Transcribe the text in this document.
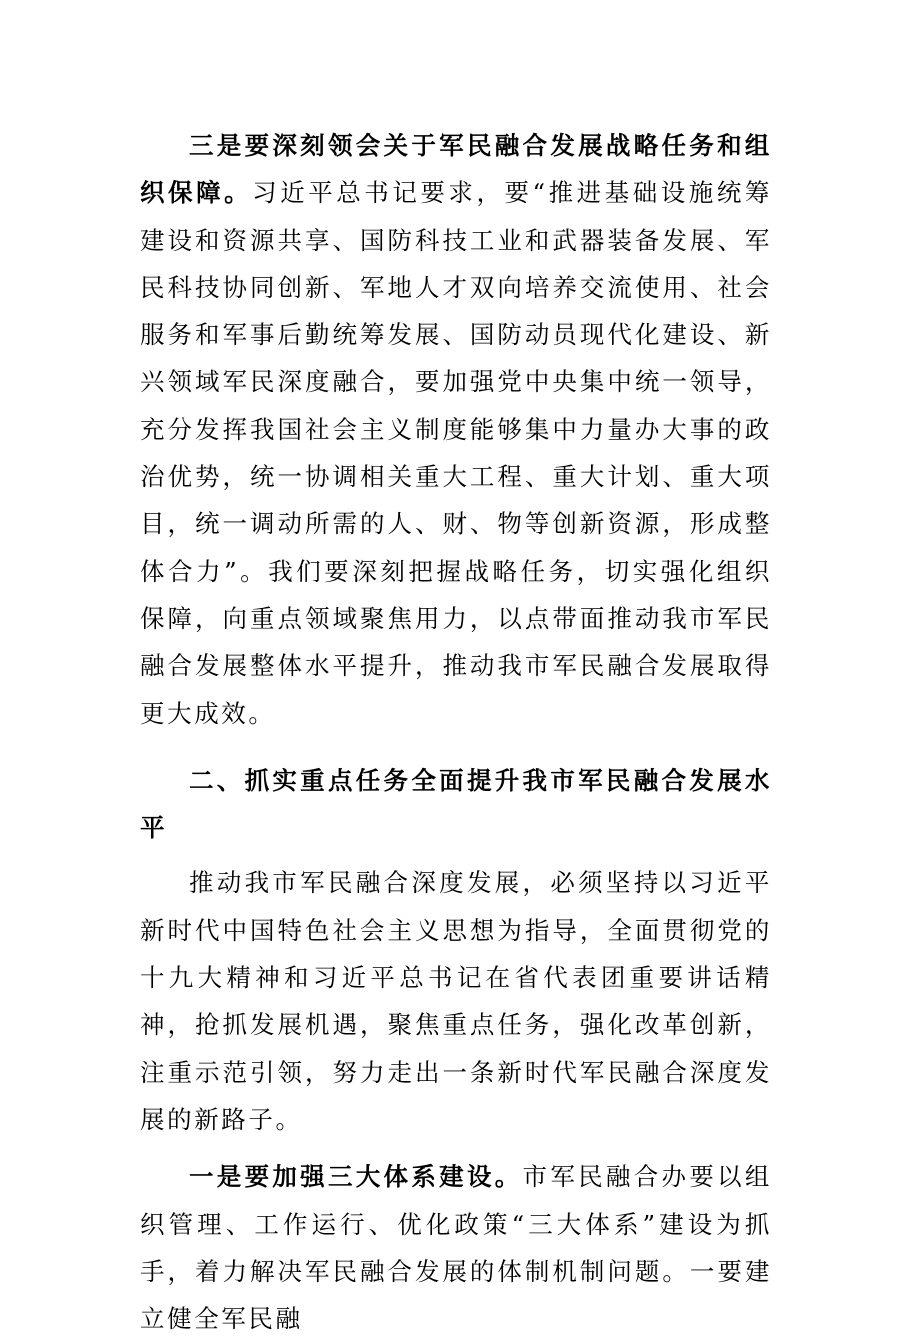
三是要深刻领会关于军民融合发展战略任务和组织保障。习近平总书记要求，要“推进基础设施统筹建设和资源共享、国防科技工业和武器装备发展、军民科技协同创新、军地人才双向培养交流使用、社会服务和军事后勤统筹发展、国防动员现代化建设、新兴领域军民深度融合，要加强党中央集中统一领导，充分发挥我国社会主义制度能够集中力量办大事的政治优势，统一协调相关重大工程、重大计划、重大项目，统一调动所需的人、财、物等创新资源，形成整体合力”。我们要深刻把握战略任务，切实强化组织保障，向重点领域聚焦用力，以点带面推动我市军民融合发展整体水平提升，推动我市军民融合发展取得更大成效。

二、抓实重点任务全面提升我市军民融合发展水平

推动我市军民融合深度发展，必须坚持以习近平新时代中国特色社会主义思想为指导，全面贯彻党的十九大精神和习近平总书记在省代表团重要讲话精神，抢抓发展机遇，聚焦重点任务，强化改革创新，注重示范引领，努力走出一条新时代军民融合深度发展的新路子。

一是要加强三大体系建设。市军民融合办要以组织管理、工作运行、优化政策“三大体系”建设为抓手，着力解决军民融合发展的体制机制问题。一要建立健全军民融
